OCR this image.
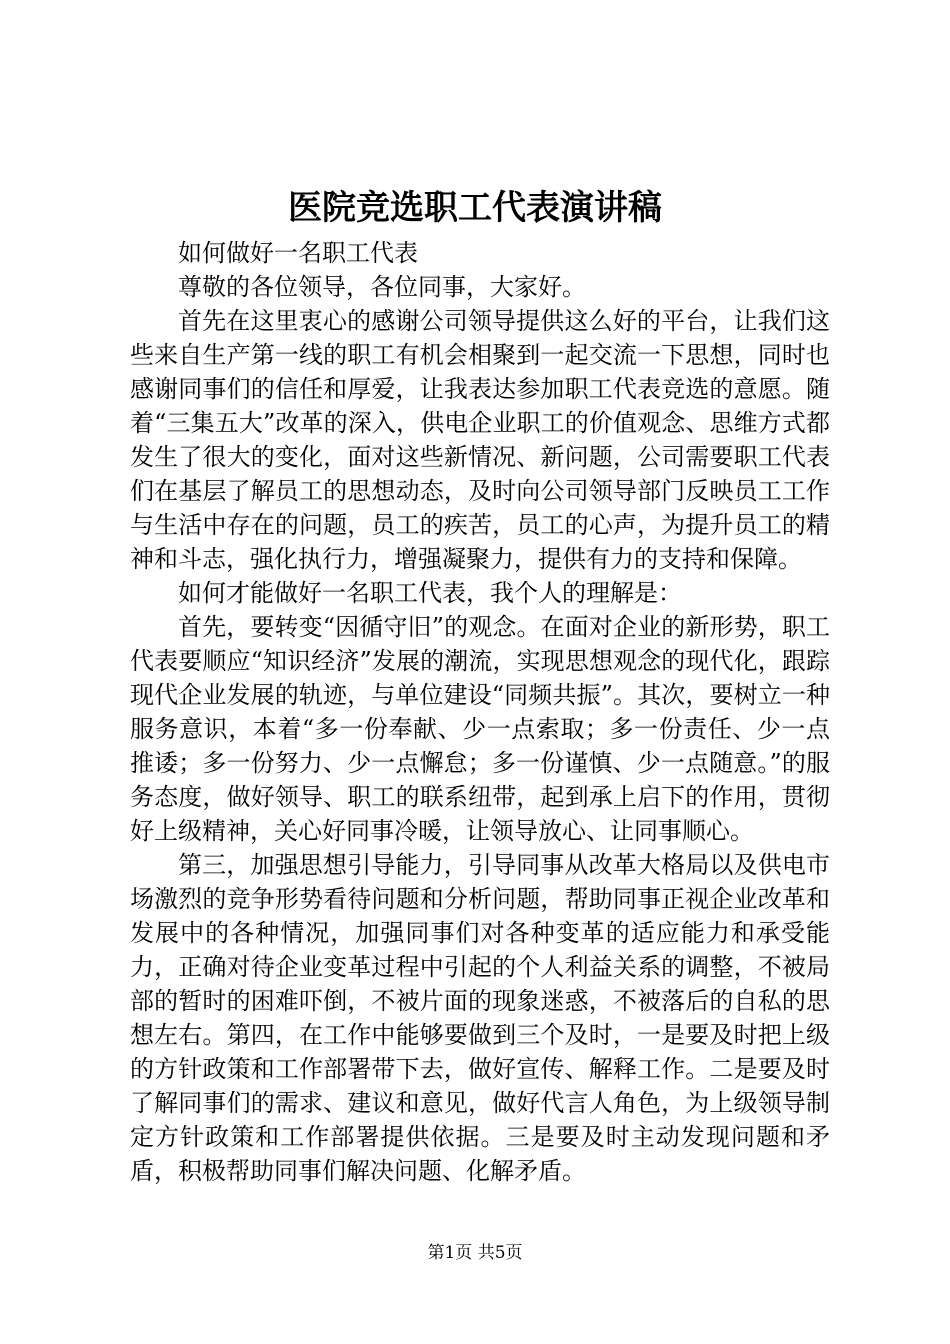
医院竞选职工代表演讲稿

如何做好一名职工代表

尊敬的各位领导，各位同事，大家好。

首先在这里衷心的感谢公司领导提供这么好的平台，让我们这些来自生产第一线的职工有机会相聚到一起交流一下思想，同时也感谢同事们的信任和厚爱，让我表达参加职工代表竞选的意愿。随着“三集五大”改革的深入，供电企业职工的价值观念、思维方式都发生了很大的变化，面对这些新情况、新问题，公司需要职工代表们在基层了解员工的思想动态，及时向公司领导部门反映员工工作与生活中存在的问题，员工的疾苦，员工的心声，为提升员工的精神和斗志，强化执行力，增强凝聚力，提供有力的支持和保障。

如何才能做好一名职工代表，我个人的理解是：

首先，要转变“因循守旧”的观念。在面对企业的新形势，职工代表要顺应“知识经济”发展的潮流，实现思想观念的现代化，跟踪现代企业发展的轨迹，与单位建设“同频共振”。其次，要树立一种服务意识，本着“多一份奉献、少一点索取；多一份责任、少一点推诿；多一份努力、少一点懈怠；多一份谨慎、少一点随意。”的服务态度，做好领导、职工的联系纽带，起到承上启下的作用，贯彻好上级精神，关心好同事冷暖，让领导放心、让同事顺心。

第三，加强思想引导能力，引导同事从改革大格局以及供电市场激烈的竞争形势看待问题和分析问题，帮助同事正视企业改革和发展中的各种情况，加强同事们对各种变革的适应能力和承受能力，正确对待企业变革过程中引起的个人利益关系的调整，不被局部的暂时的困难吓倒，不被片面的现象迷惑，不被落后的自私的思想左右。第四，在工作中能够要做到三个及时，一是要及时把上级的方针政策和工作部署带下去，做好宣传、解释工作。二是要及时了解同事们的需求、建议和意见，做好代言人角色，为上级领导制定方针政策和工作部署提供依据。三是要及时主动发现问题和矛盾，积极帮助同事们解决问题、化解矛盾。

第1页 共5页
